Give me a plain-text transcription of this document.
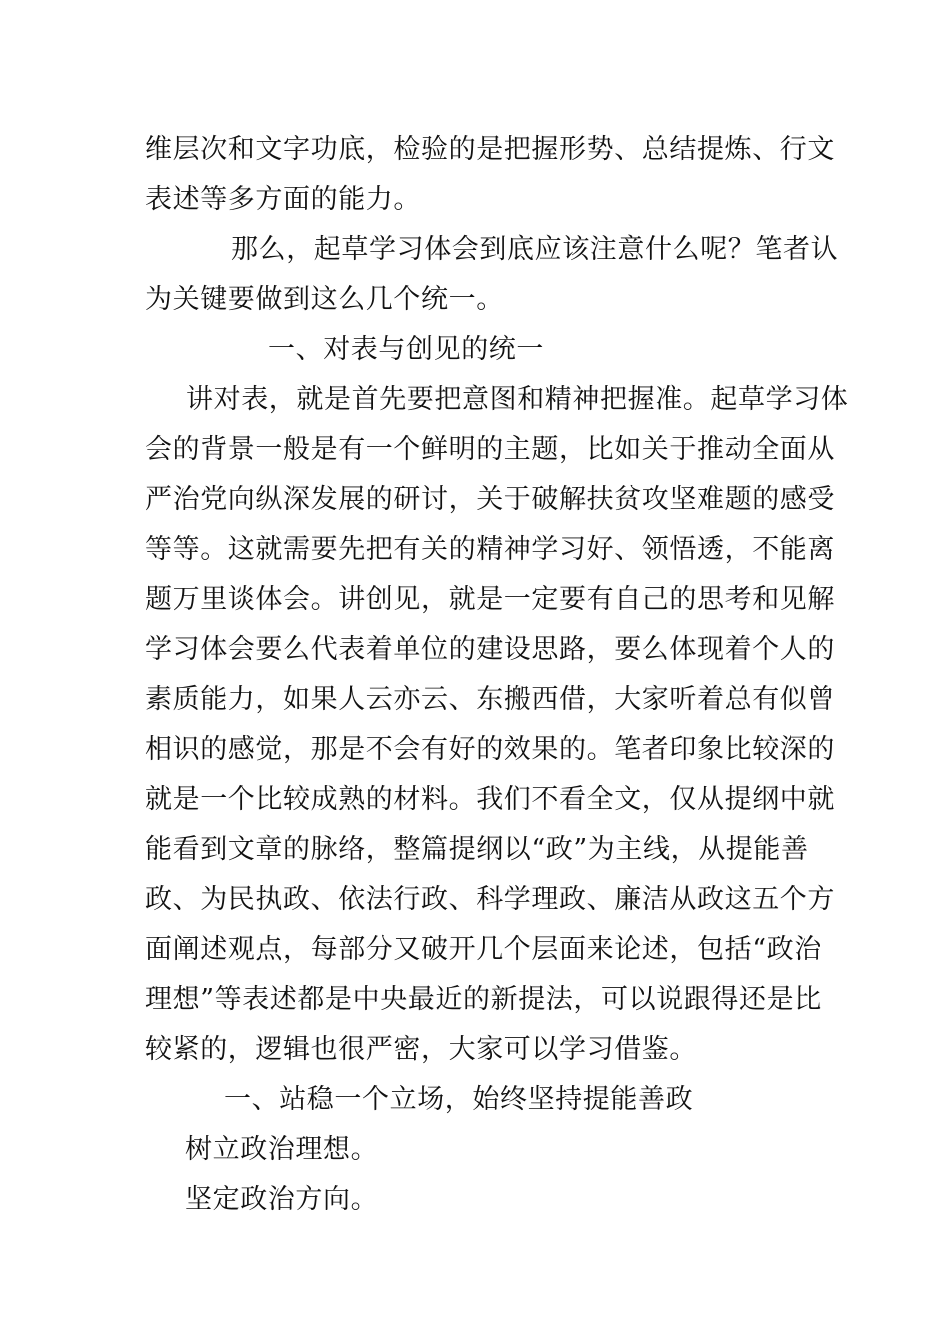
维层次和文字功底，检验的是把握形势、总结提炼、行文
表述等多方面的能力。
那么，起草学习体会到底应该注意什么呢？笔者认
为关键要做到这么几个统一。
一、对表与创见的统一
讲对表，就是首先要把意图和精神把握准。起草学习体
会的背景一般是有一个鲜明的主题，比如关于推动全面从
严治党向纵深发展的研讨，关于破解扶贫攻坚难题的感受
等等。这就需要先把有关的精神学习好、领悟透，不能离
题万里谈体会。讲创见，就是一定要有自己的思考和见解
学习体会要么代表着单位的建设思路，要么体现着个人的
素质能力，如果人云亦云、东搬西借，大家听着总有似曾
相识的感觉，那是不会有好的效果的。笔者印象比较深的
就是一个比较成熟的材料。我们不看全文，仅从提纲中就
能看到文章的脉络，整篇提纲以“政”为主线，从提能善
政、为民执政、依法行政、科学理政、廉洁从政这五个方
面阐述观点，每部分又破开几个层面来论述，包括“政治
理想”等表述都是中央最近的新提法，可以说跟得还是比
较紧的，逻辑也很严密，大家可以学习借鉴。
一、站稳一个立场，始终坚持提能善政
树立政治理想。
坚定政治方向。
